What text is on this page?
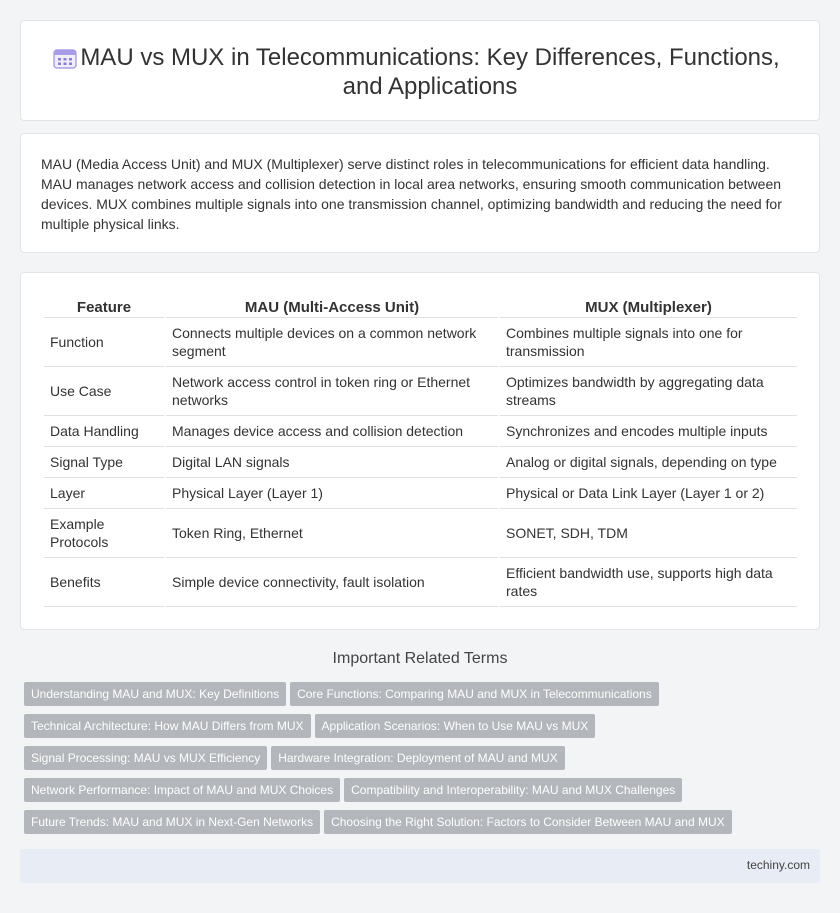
MAU vs MUX in Telecommunications: Key Differences, Functions, and Applications

MAU (Media Access Unit) and MUX (Multiplexer) serve distinct roles in telecommunications for efficient data handling. MAU manages network access and collision detection in local area networks, ensuring smooth communication between devices. MUX combines multiple signals into one transmission channel, optimizing bandwidth and reducing the need for multiple physical links.

Feature	MAU (Multi-Access Unit)	MUX (Multiplexer)
Function	Connects multiple devices on a common network segment	Combines multiple signals into one for transmission
Use Case	Network access control in token ring or Ethernet networks	Optimizes bandwidth by aggregating data streams
Data Handling	Manages device access and collision detection	Synchronizes and encodes multiple inputs
Signal Type	Digital LAN signals	Analog or digital signals, depending on type
Layer	Physical Layer (Layer 1)	Physical or Data Link Layer (Layer 1 or 2)
Example Protocols	Token Ring, Ethernet	SONET, SDH, TDM
Benefits	Simple device connectivity, fault isolation	Efficient bandwidth use, supports high data rates
Important Related Terms
Understanding MAU and MUX: Key Definitions Core Functions: Comparing MAU and MUX in Telecommunications
Technical Architecture: How MAU Differs from MUX Application Scenarios: When to Use MAU vs MUX
Signal Processing: MAU vs MUX Efficiency Hardware Integration: Deployment of MAU and MUX
Network Performance: Impact of MAU and MUX Choices Compatibility and Interoperability: MAU and MUX Challenges
Future Trends: MAU and MUX in Next-Gen Networks Choosing the Right Solution: Factors to Consider Between MAU and MUX
techiny.com
